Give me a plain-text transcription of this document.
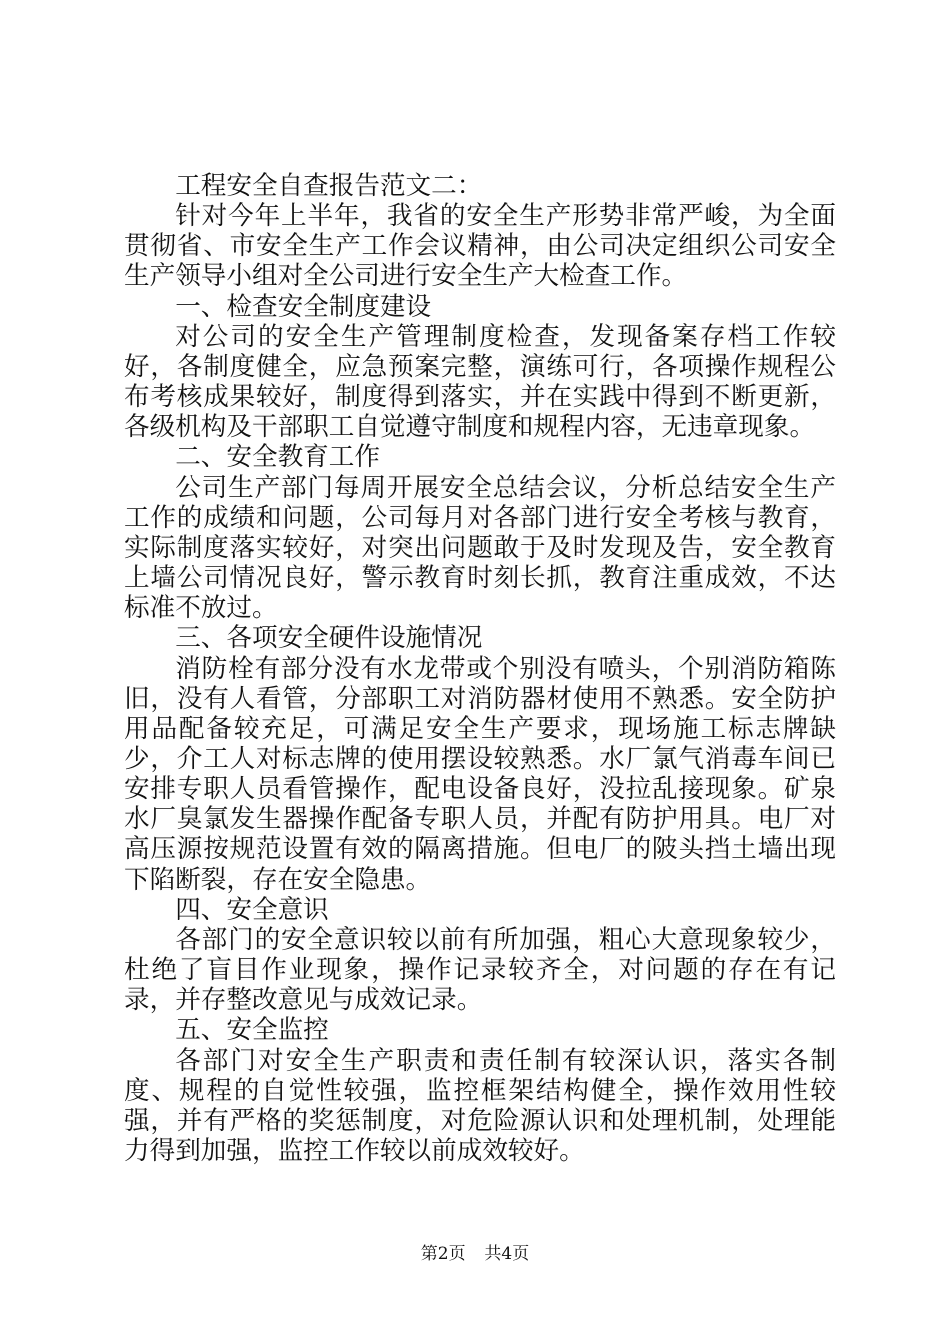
工程安全自查报告范文二：

针对今年上半年，我省的安全生产形势非常严峻，为全面贯彻省、市安全生产工作会议精神，由公司决定组织公司安全生产领导小组对全公司进行安全生产大检查工作。

一、检查安全制度建设

对公司的安全生产管理制度检查，发现备案存档工作较好，各制度健全，应急预案完整，演练可行，各项操作规程公布考核成果较好，制度得到落实，并在实践中得到不断更新，各级机构及干部职工自觉遵守制度和规程内容，无违章现象。

二、安全教育工作

公司生产部门每周开展安全总结会议，分析总结安全生产工作的成绩和问题，公司每月对各部门进行安全考核与教育，实际制度落实较好，对突出问题敢于及时发现及告，安全教育上墙公司情况良好，警示教育时刻长抓，教育注重成效，不达标准不放过。

三、各项安全硬件设施情况

消防栓有部分没有水龙带或个别没有喷头，个别消防箱陈旧，没有人看管，分部职工对消防器材使用不熟悉。安全防护用品配备较充足，可满足安全生产要求，现场施工标志牌缺少，介工人对标志牌的使用摆设较熟悉。水厂氯气消毒车间已安排专职人员看管操作，配电设备良好，没拉乱接现象。矿泉水厂臭氯发生器操作配备专职人员，并配有防护用具。电厂对高压源按规范设置有效的隔离措施。但电厂的陂头挡土墙出现下陷断裂，存在安全隐患。

四、安全意识

各部门的安全意识较以前有所加强，粗心大意现象较少，杜绝了盲目作业现象，操作记录较齐全，对问题的存在有记录，并存整改意见与成效记录。

五、安全监控

各部门对安全生产职责和责任制有较深认识，落实各制度、规程的自觉性较强，监控框架结构健全，操作效用性较强，并有严格的奖惩制度，对危险源认识和处理机制，处理能力得到加强，监控工作较以前成效较好。

第2页 共4页
